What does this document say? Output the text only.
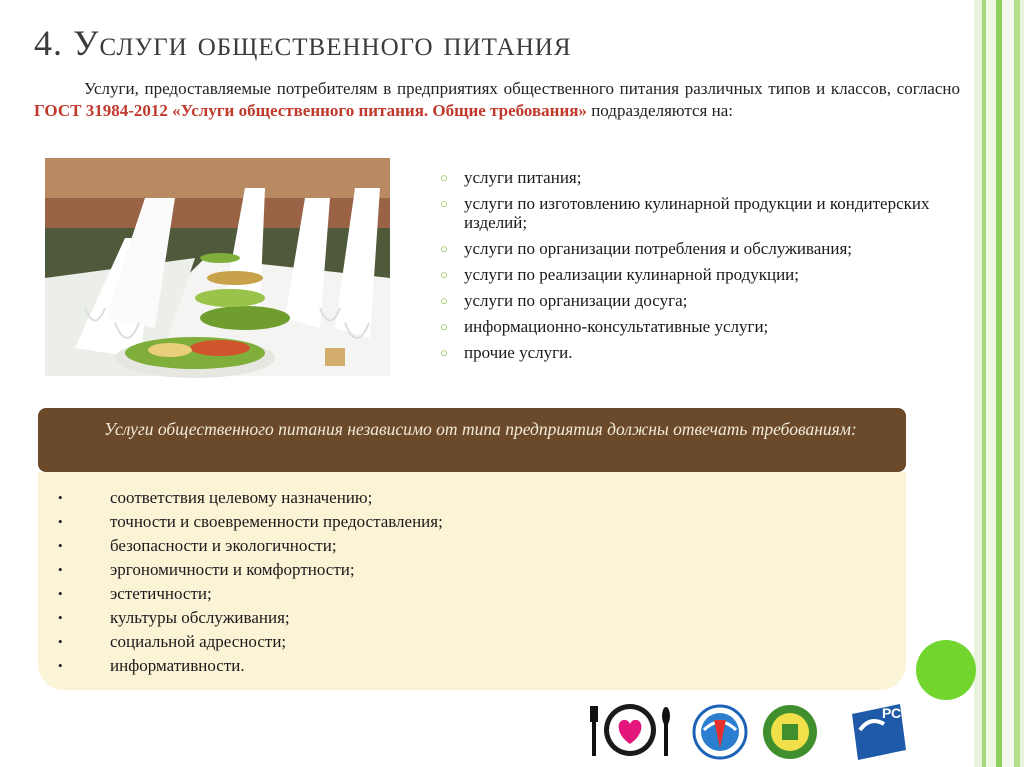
4. Услуги общественного питания
Услуги, предоставляемые потребителям в предприятиях общественного питания различных типов и классов, согласно ГОСТ 31984-2012 «Услуги общественного питания. Общие требования» подразделяются на:
○ услуги питания;
○ услуги по изготовлению кулинарной продукции и кондитерских изделий;
○ услуги по организации потребления и обслуживания;
○ услуги по реализации кулинарной продукции;
○ услуги по организации досуга;
○ информационно-консультативные услуги;
○ прочие услуги.
Услуги общественного питания независимо от типа предприятия должны отвечать требованиям:
•	соответствия целевому назначению;
•	точности и своевременности предоставления;
•	безопасности и экологичности;
•	эргономичности и комфортности;
•	эстетичности;
•	культуры обслуживания;
•	социальной адресности;
•	информативности.
РСО
